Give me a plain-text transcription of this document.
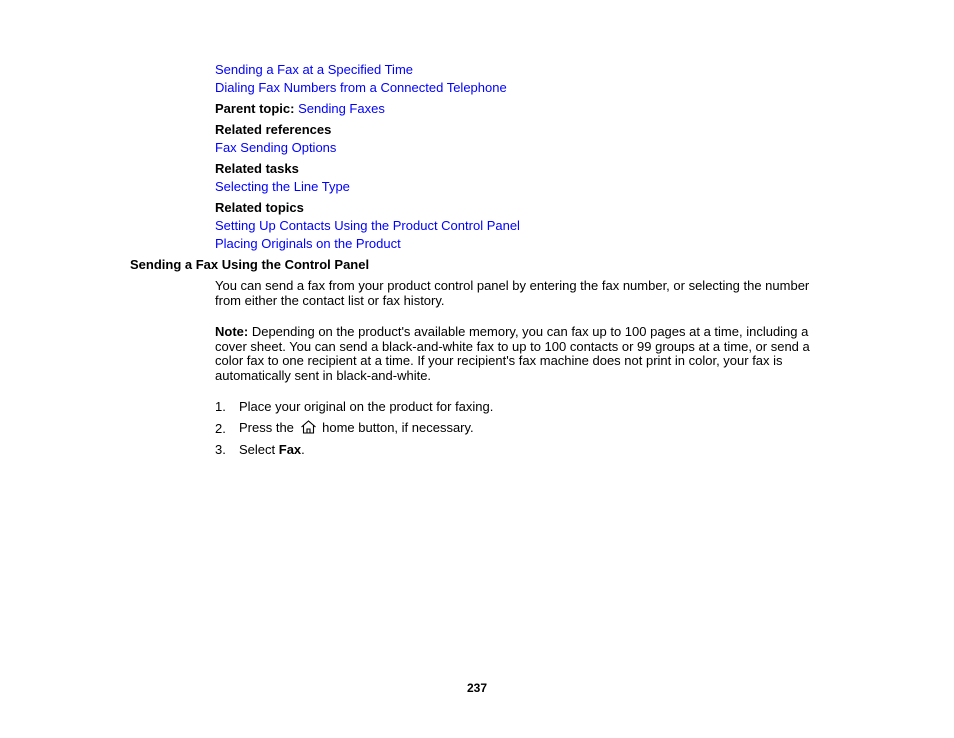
Sending a Fax at a Specified Time
Dialing Fax Numbers from a Connected Telephone
Parent topic: Sending Faxes
Related references
Fax Sending Options
Related tasks
Selecting the Line Type
Related topics
Setting Up Contacts Using the Product Control Panel
Placing Originals on the Product
Sending a Fax Using the Control Panel
You can send a fax from your product control panel by entering the fax number, or selecting the number
from either the contact list or fax history.
Note: Depending on the product's available memory, you can fax up to 100 pages at a time, including a
cover sheet. You can send a black-and-white fax to up to 100 contacts or 99 groups at a time, or send a
color fax to one recipient at a time. If your recipient's fax machine does not print in color, your fax is
automatically sent in black-and-white.
1. Place your original on the product for faxing.
2. Press the  home button, if necessary.
3. Select Fax.
237
